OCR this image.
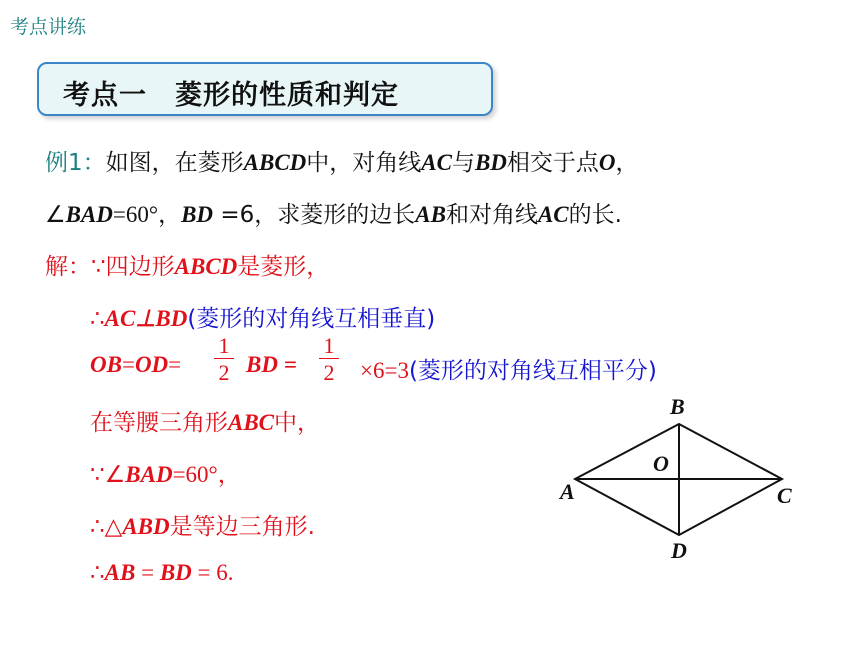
考点讲练
考点一　菱形的性质和判定
例1：如图，在菱形ABCD中，对角线AC与BD相交于点O，
∠BAD=60°，BD =6，求菱形的边长AB和对角线AC的长.
解：∵四边形ABCD是菱形，
∴AC⊥BD(菱形的对角线互相垂直)
OB=OD=
1
2 BD =
1
2 ×6=3(菱形的对角线互相平分)
在等腰三角形ABC中，
∵∠BAD=60°，
∴△ABD是等边三角形.
∴AB = BD = 6.
B
O
A	C
D
